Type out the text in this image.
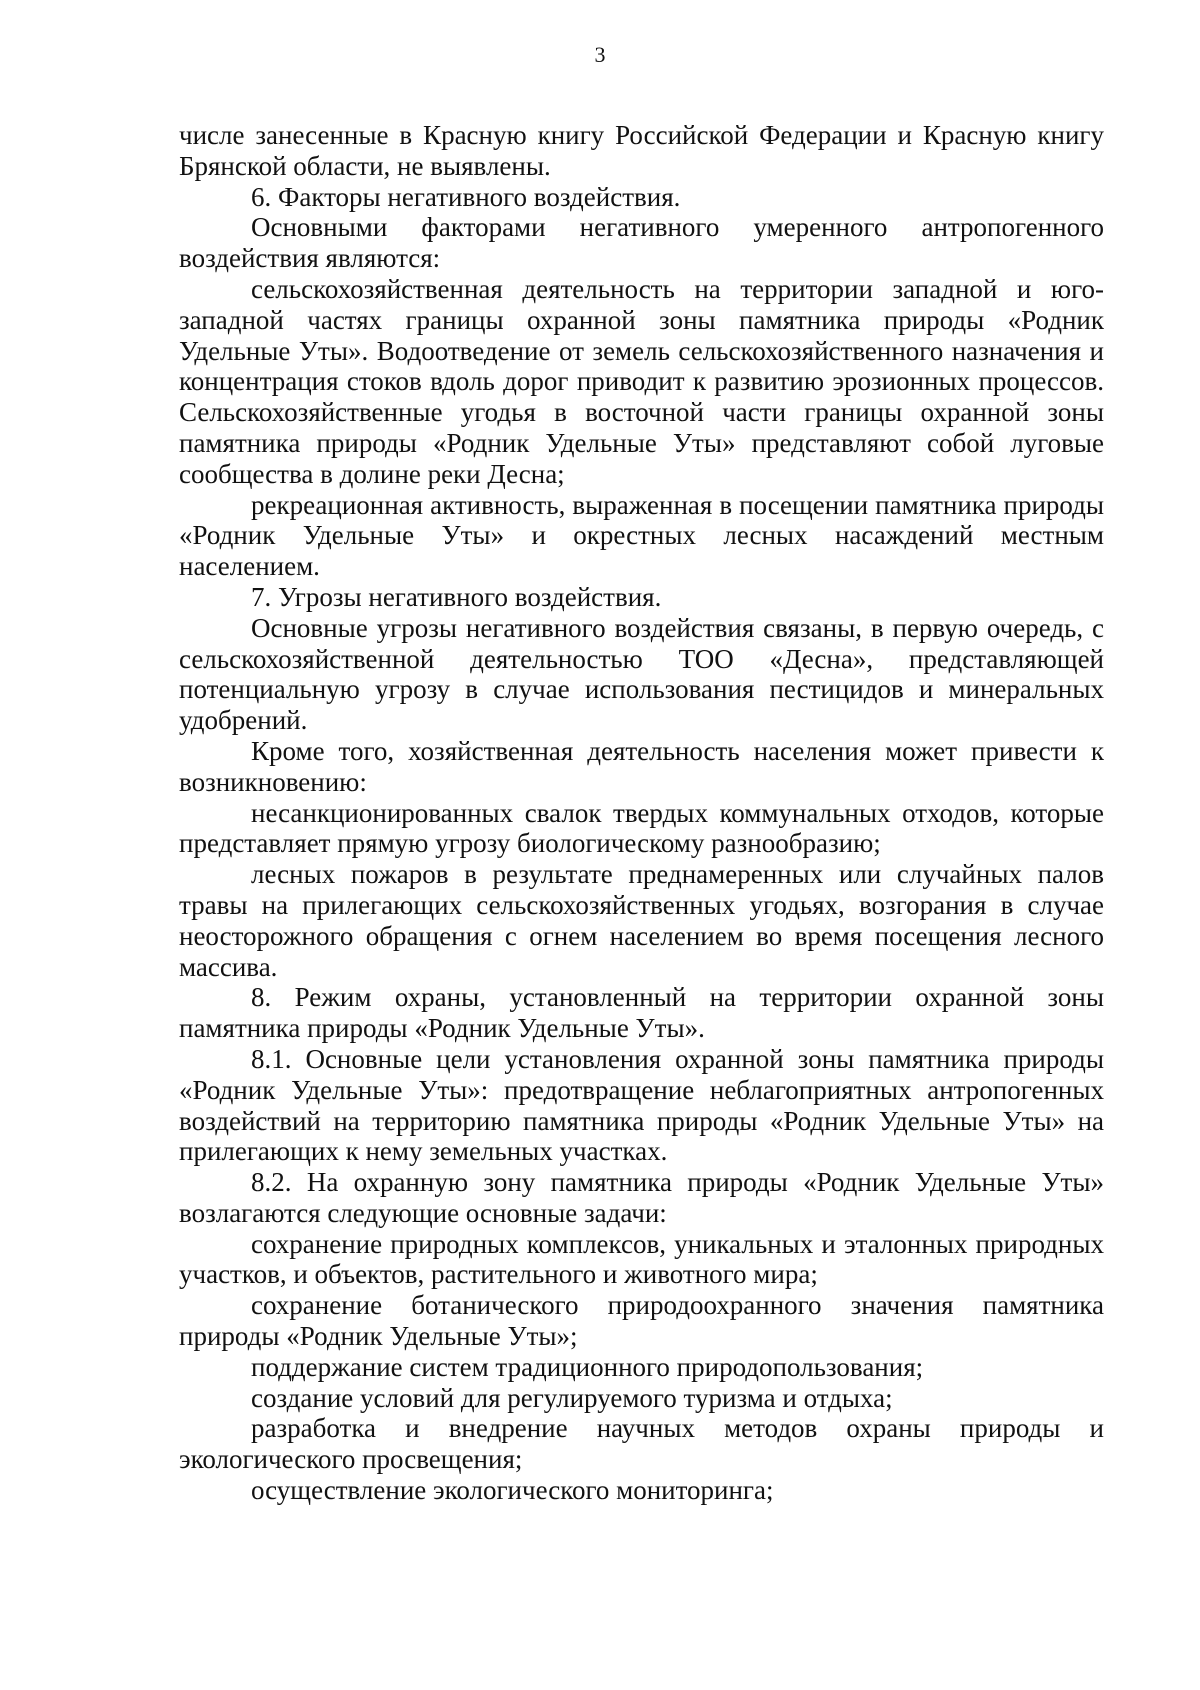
3

числе занесенные в Красную книгу Российской Федерации и Красную книгу Брянской области, не выявлены.

6. Факторы негативного воздействия.

Основными факторами негативного умеренного антропогенного воздействия являются:

сельскохозяйственная деятельность на территории западной и юго-западной частях границы охранной зоны памятника природы «Родник Удельные Уты». Водоотведение от земель сельскохозяйственного назначения и концентрация стоков вдоль дорог приводит к развитию эрозионных процессов. Сельскохозяйственные угодья в восточной части границы охранной зоны памятника природы «Родник Удельные Уты» представляют собой луговые сообщества в долине реки Десна;

рекреационная активность, выраженная в посещении памятника природы «Родник Удельные Уты» и окрестных лесных насаждений местным населением.

7. Угрозы негативного воздействия.

Основные угрозы негативного воздействия связаны, в первую очередь, с сельскохозяйственной деятельностью ТОО «Десна», представляющей потенциальную угрозу в случае использования пестицидов и минеральных удобрений.

Кроме того, хозяйственная деятельность населения может привести к возникновению:

несанкционированных свалок твердых коммунальных отходов, которые представляет прямую угрозу биологическому разнообразию;

лесных пожаров в результате преднамеренных или случайных палов травы на прилегающих сельскохозяйственных угодьях, возгорания в случае неосторожного обращения с огнем населением во время посещения лесного массива.

8. Режим охраны, установленный на территории охранной зоны памятника природы «Родник Удельные Уты».

8.1. Основные цели установления охранной зоны памятника природы «Родник Удельные Уты»: предотвращение неблагоприятных антропогенных воздействий на территорию памятника природы «Родник Удельные Уты» на прилегающих к нему земельных участках.

8.2. На охранную зону памятника природы «Родник Удельные Уты» возлагаются следующие основные задачи:

сохранение природных комплексов, уникальных и эталонных природных участков, и объектов, растительного и животного мира;

сохранение ботанического природоохранного значения памятника природы «Родник Удельные Уты»;

поддержание систем традиционного природопользования;

создание условий для регулируемого туризма и отдыха;

разработка и внедрение научных методов охраны природы и экологического просвещения;

осуществление экологического мониторинга;
